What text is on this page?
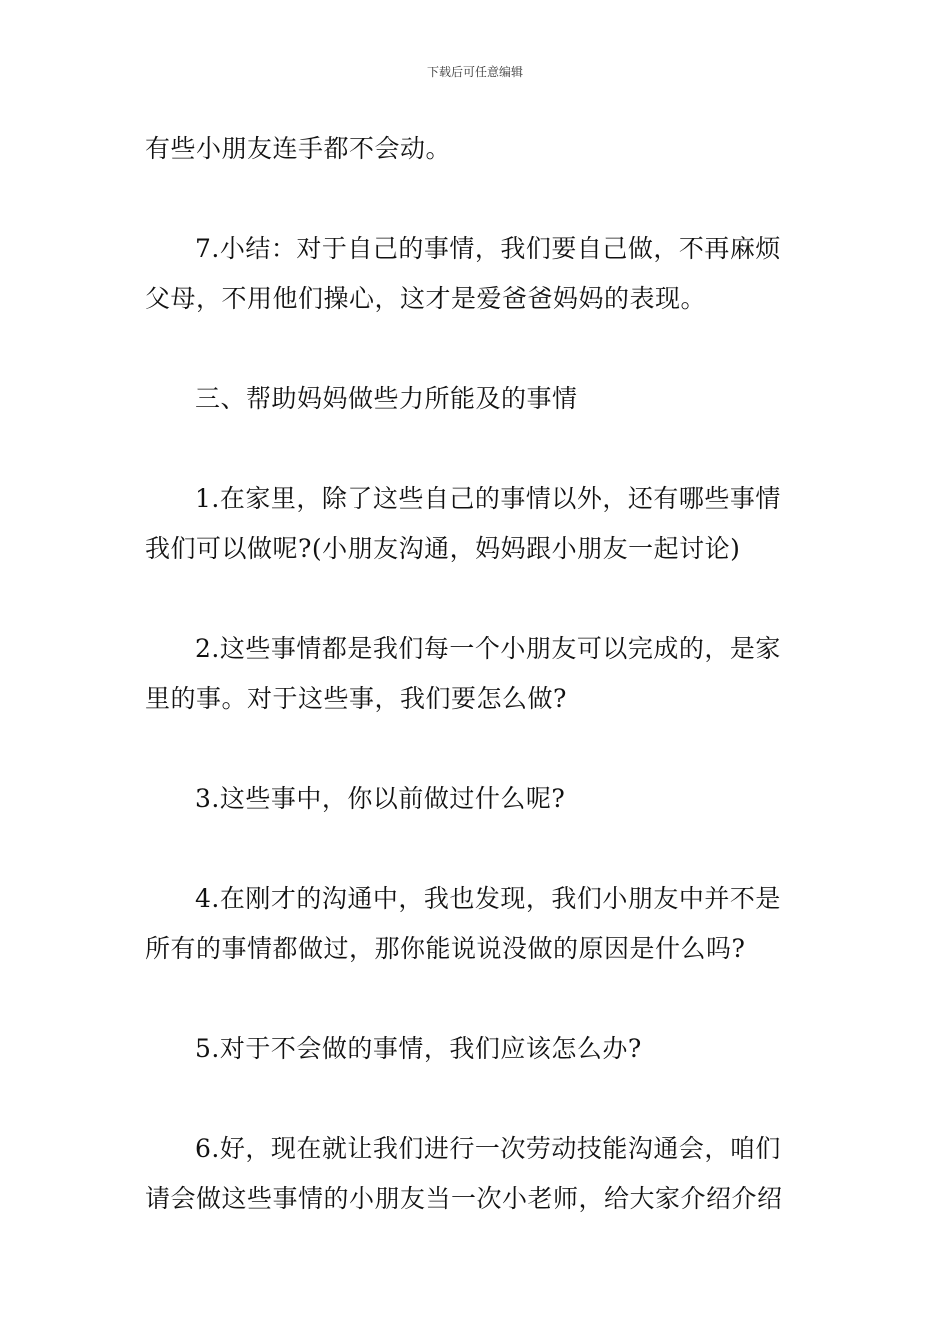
下载后可任意编辑

有些小朋友连手都不会动。

7.小结：对于自己的事情，我们要自己做，不再麻烦
父母，不用他们操心，这才是爱爸爸妈妈的表现。

三、帮助妈妈做些力所能及的事情

1.在家里，除了这些自己的事情以外，还有哪些事情
我们可以做呢?(小朋友沟通，妈妈跟小朋友一起讨论)

2.这些事情都是我们每一个小朋友可以完成的，是家
里的事。对于这些事，我们要怎么做?

3.这些事中，你以前做过什么呢?

4.在刚才的沟通中，我也发现，我们小朋友中并不是
所有的事情都做过，那你能说说没做的原因是什么吗?

5.对于不会做的事情，我们应该怎么办?

6.好，现在就让我们进行一次劳动技能沟通会，咱们
请会做这些事情的小朋友当一次小老师，给大家介绍介绍
